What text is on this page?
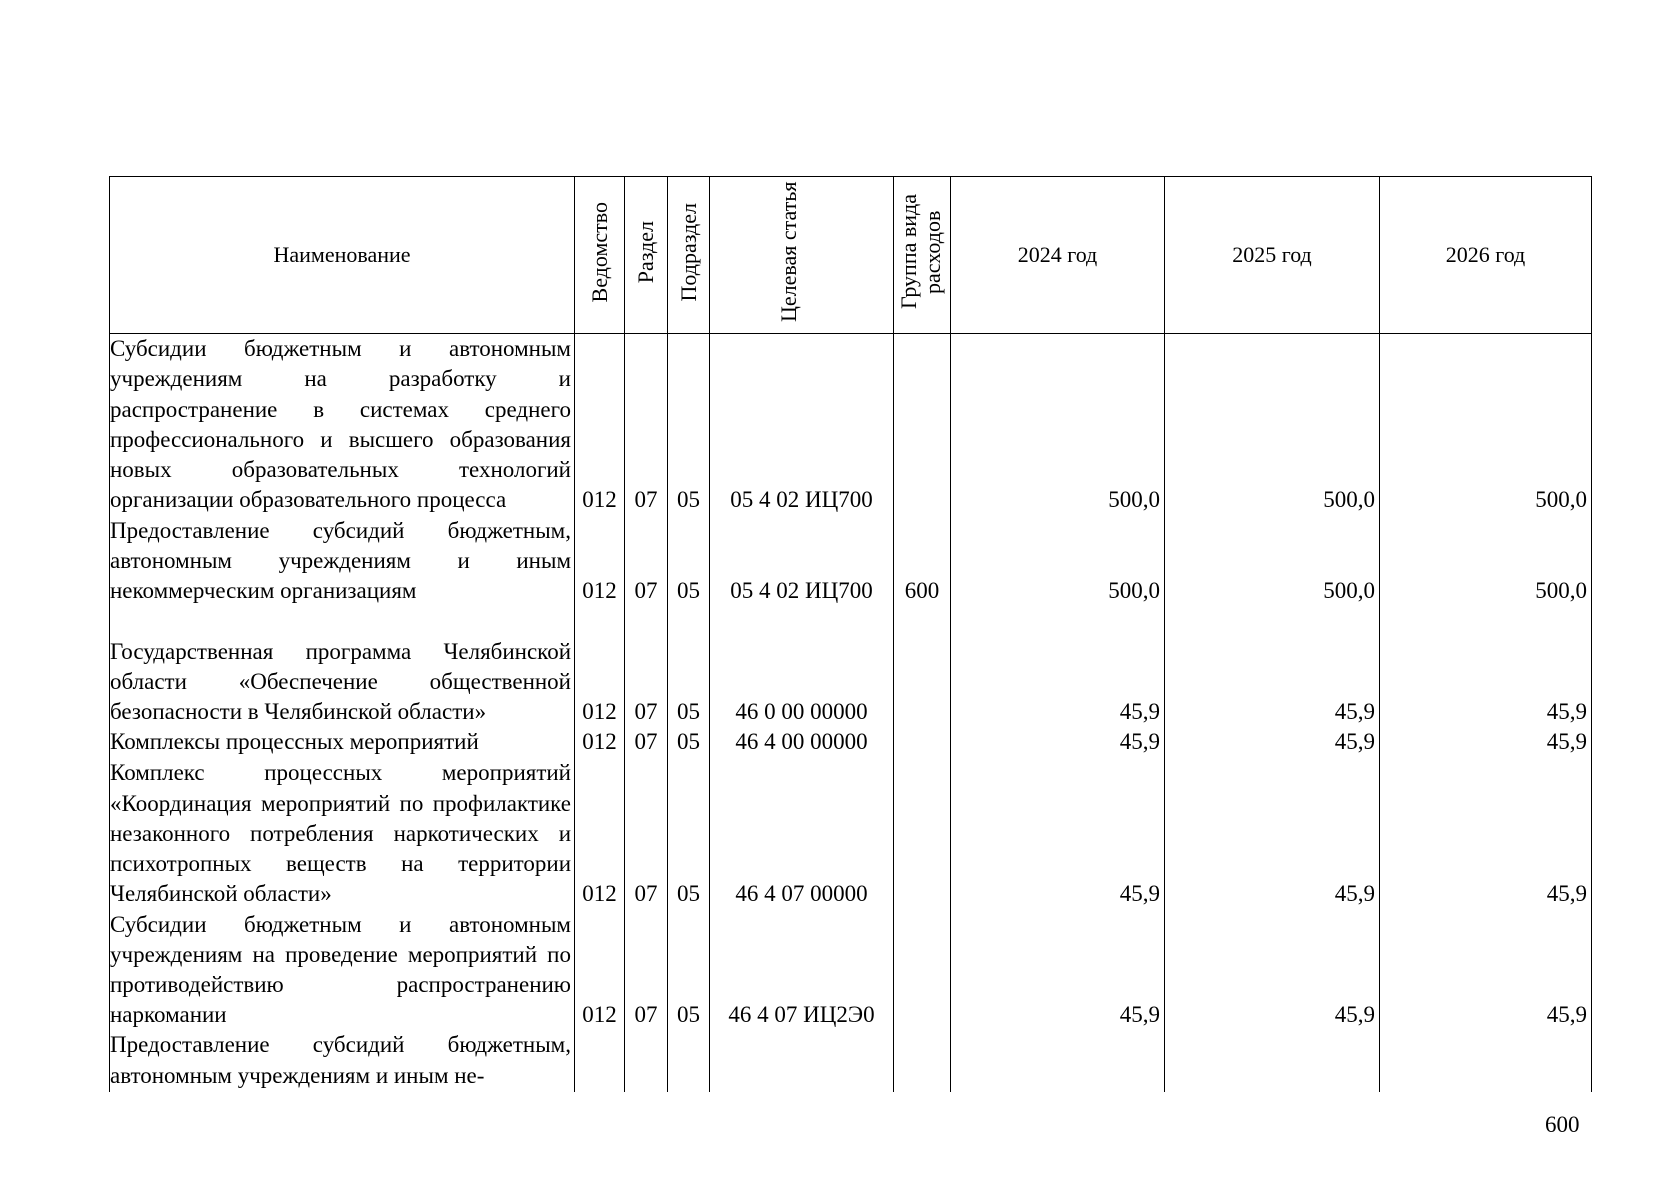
Наименование	Ведомство	Раздел	Подраздел	Целевая статья	Группа вида расходов	2024 год	2025 год	2026 год

Субсидии бюджетным и автономным учреждениям на разработку и распространение в системах среднего профессионального и высшего образования новых образовательных технологий организации образовательного процесса	012	07	05	05 4 02 ИЦ700		500,0	500,0	500,0

Предоставление субсидий бюджетным, автономным учреждениям и иным некоммерческим организациям	012	07	05	05 4 02 ИЦ700	600	500,0	500,0	500,0

Государственная программа Челябинской области «Обеспечение общественной безопасности в Челябинской области»	012	07	05	46 0 00 00000		45,9	45,9	45,9

Комплексы процессных мероприятий	012	07	05	46 4 00 00000		45,9	45,9	45,9

Комплекс процессных мероприятий «Координация мероприятий по профилактике незаконного потребления наркотических и психотропных веществ на территории Челябинской области»	012	07	05	46 4 07 00000		45,9	45,9	45,9

Субсидии бюджетным и автономным учреждениям на проведение мероприятий по противодействию распространению наркомании	012	07	05	46 4 07 ИЦ2Э0		45,9	45,9	45,9

Предоставление субсидий бюджетным, автономным учреждениям и иным не-								

600
